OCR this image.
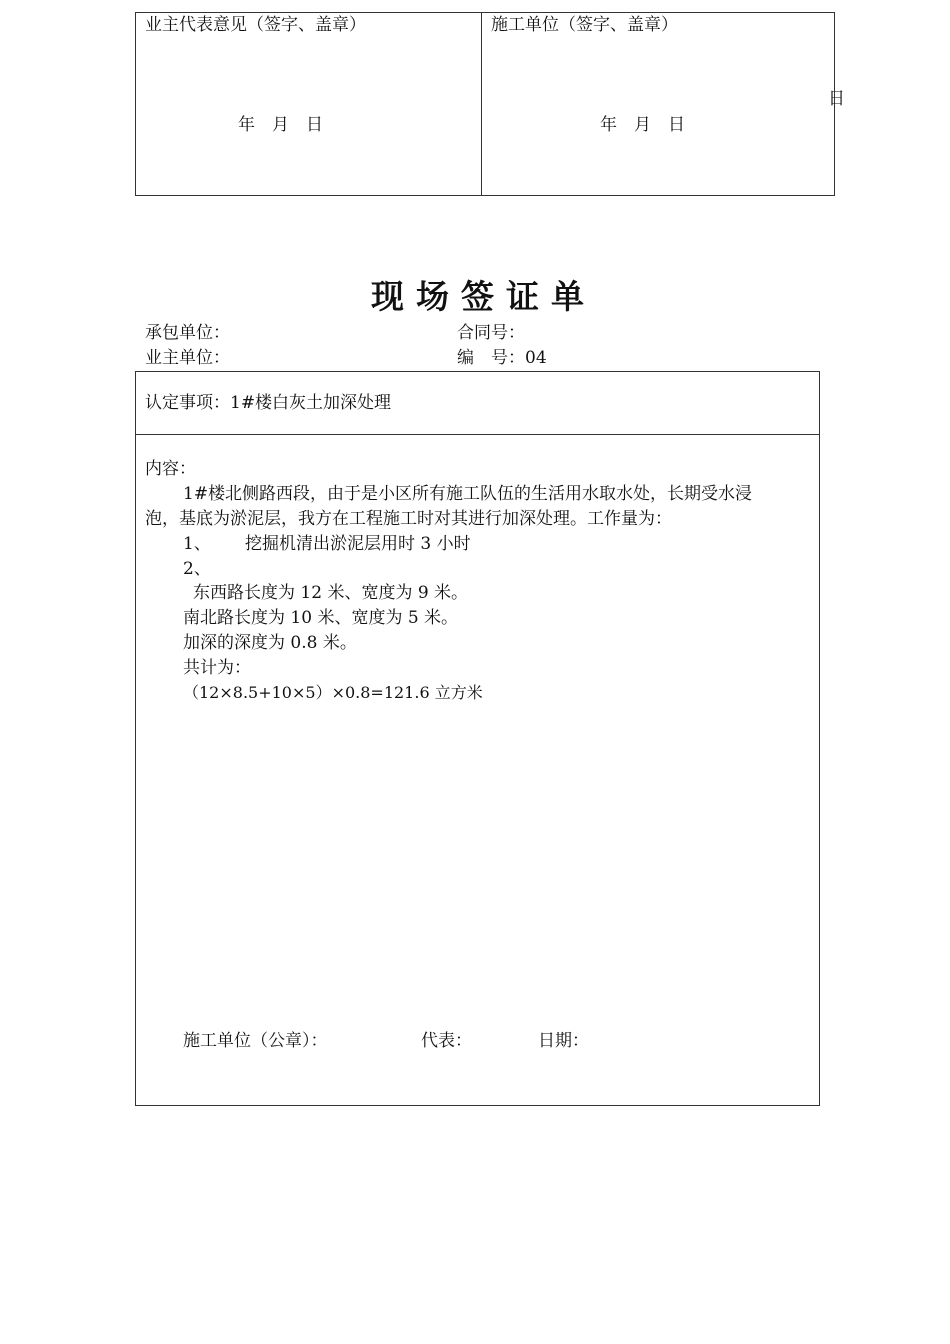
业主代表意见（签字、盖章）	施工单位（签字、盖章）
年　月　日	年　月　日
日
现场签证单
承包单位：	合同号：
业主单位：	编　号：04
认定事项：1#楼白灰土加深处理
内容：
1#楼北侧路西段，由于是小区所有施工队伍的生活用水取水处，长期受水浸
泡，基底为淤泥层，我方在工程施工时对其进行加深处理。工作量为：
1、 挖掘机清出淤泥层用时 3 小时
2、
东西路长度为 12 米、宽度为 9 米。
南北路长度为 10 米、宽度为 5 米。
加深的深度为 0.8 米。
共计为：
（12×8.5+10×5）×0.8=121.6 立方米
施工单位（公章）：	代表：	日期：
